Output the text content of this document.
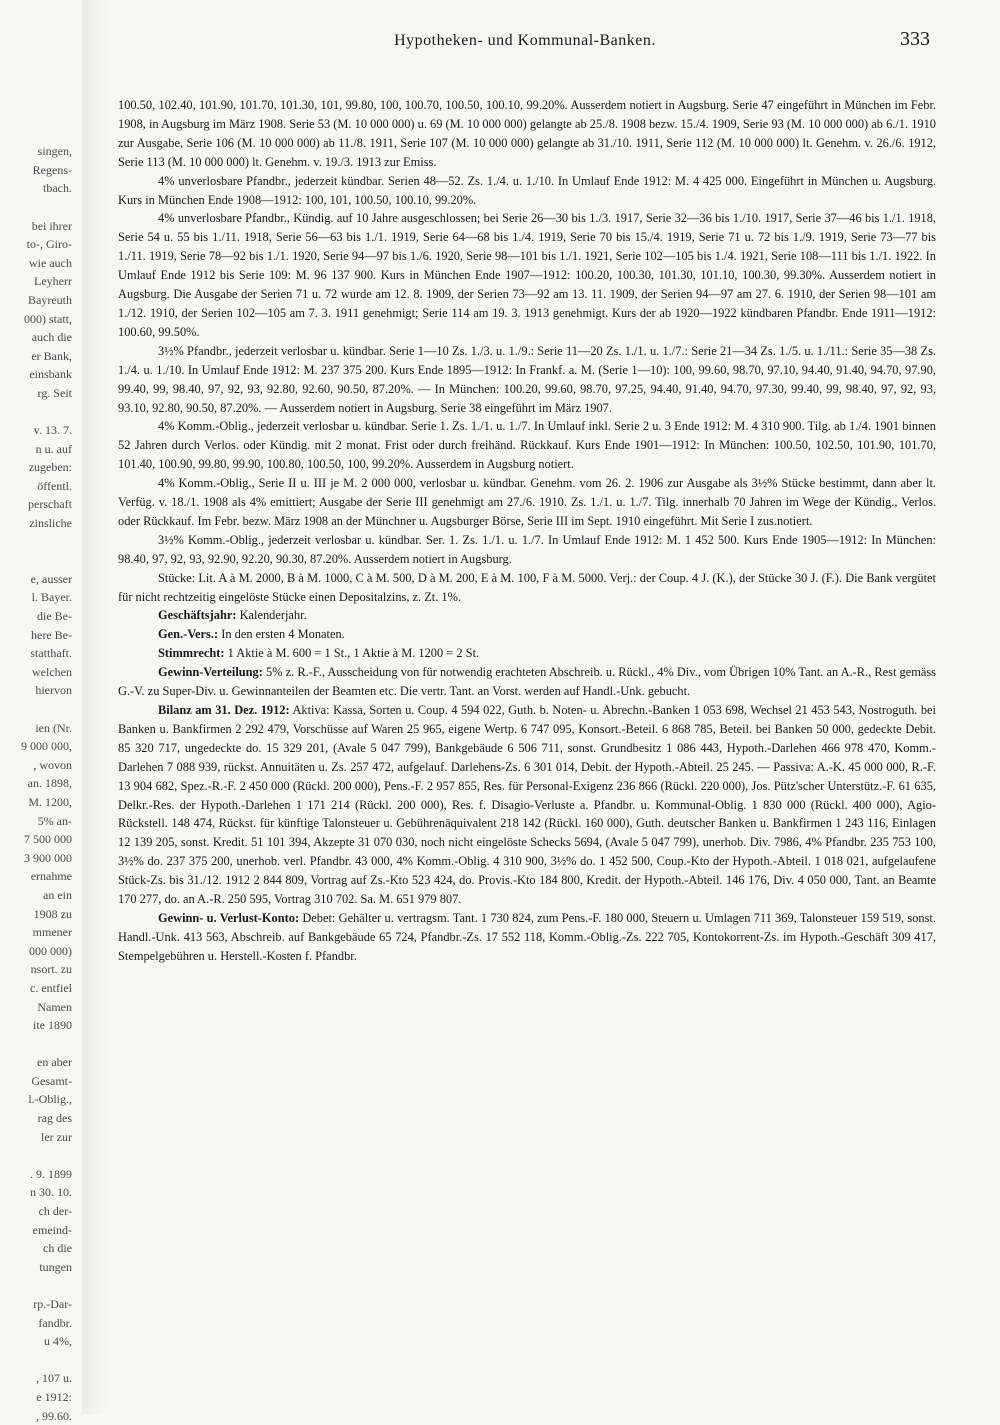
singen,
Regens-
tbach.
bei ihrer
to-, Giro-
wie auch
Leyherr
Bayreuth
000) statt,
auch die
er Bank,
einsbank
rg. Seit
v. 13. 7.
n u. auf
zugeben:
öffentl.
perschaft
zinsliche
e, ausser
l. Bayer.
die Be-
here Be-
statthaft.
welchen
hiervon
ien (Nr.
9 000 000,
, wovon
an. 1898,
M. 1200,
5% an-
7 500 000
3 900 000
ernahme
an ein
1908 zu
mmener
000 000)
nsort. zu
c. entfiel
Namen
ite 1890
en aber
Gesamt-
l.-Oblig.,
rag des
ler zur
. 9. 1899
n 30. 10.
ch der-
emeind-
ch die
tungen
rp.-Dar-
fandbr.
u 4%,
, 107 u.
e 1912:
, 99.60.
Hypotheken- und Kommunal-Banken.	333

100.50, 102.40, 101.90, 101.70, 101.30, 101, 99.80, 100, 100.70, 100.50, 100.10, 99.20%. Ausserdem notiert in Augsburg. Serie 47 eingeführt in München im Febr. 1908, in Augsburg im März 1908. Serie 53 (M. 10 000 000) u. 69 (M. 10 000 000) gelangte ab 25./8. 1908 bezw. 15./4. 1909, Serie 93 (M. 10 000 000) ab 6./1. 1910 zur Ausgabe, Serie 106 (M. 10 000 000) ab 11./8. 1911, Serie 107 (M. 10 000 000) gelangte ab 31./10. 1911, Serie 112 (M. 10 000 000) lt. Genehm. v. 26./6. 1912, Serie 113 (M. 10 000 000) lt. Genehm. v. 19./3. 1913 zur Emiss.

4% unverlosbare Pfandbr., jederzeit kündbar. Serien 48—52. Zs. 1./4. u. 1./10. In Umlauf Ende 1912: M. 4 425 000. Eingeführt in München u. Augsburg. Kurs in München Ende 1908—1912: 100, 101, 100.50, 100.10, 99.20%.

4% unverlosbare Pfandbr., Kündig. auf 10 Jahre ausgeschlossen; bei Serie 26—30 bis 1./3. 1917, Serie 32—36 bis 1./10. 1917, Serie 37—46 bis 1./1. 1918, Serie 54 u. 55 bis 1./11. 1918, Serie 56—63 bis 1./1. 1919, Serie 64—68 bis 1./4. 1919, Serie 70 bis 15./4. 1919, Serie 71 u. 72 bis 1./9. 1919, Serie 73—77 bis 1./11. 1919, Serie 78—92 bis 1./1. 1920, Serie 94—97 bis 1./6. 1920, Serie 98—101 bis 1./1. 1921, Serie 102—105 bis 1./4. 1921, Serie 108—111 bis 1./1. 1922. In Umlauf Ende 1912 bis Serie 109: M. 96 137 900. Kurs in München Ende 1907—1912: 100.20, 100.30, 101.30, 101.10, 100.30, 99.30%. Ausserdem notiert in Augsburg. Die Ausgabe der Serien 71 u. 72 wurde am 12. 8. 1909, der Serien 73—92 am 13. 11. 1909, der Serien 94—97 am 27. 6. 1910, der Serien 98—101 am 1./12. 1910, der Serien 102—105 am 7. 3. 1911 genehmigt; Serie 114 am 19. 3. 1913 genehmigt. Kurs der ab 1920—1922 kündbaren Pfandbr. Ende 1911—1912: 100.60, 99.50%.

3½% Pfandbr., jederzeit verlosbar u. kündbar. Serie 1—10 Zs. 1./3. u. 1./9.: Serie 11—20 Zs. 1./1. u. 1./7.: Serie 21—34 Zs. 1./5. u. 1./11.: Serie 35—38 Zs. 1./4. u. 1./10. In Umlauf Ende 1912: M. 237 375 200. Kurs Ende 1895—1912: In Frankf. a. M. (Serie 1—10): 100, 99.60, 98.70, 97.10, 94.40, 91.40, 94.70, 97.90, 99.40, 99, 98.40, 97, 92, 93, 92.80, 92.60, 90.50, 87.20%. — In München: 100.20, 99.60, 98.70, 97.25, 94.40, 91.40, 94.70, 97.30, 99.40, 99, 98.40, 97, 92, 93, 93.10, 92.80, 90.50, 87.20%. — Ausserdem notiert in Augsburg. Serie 38 eingeführt im März 1907.

4% Komm.-Oblig., jederzeit verlosbar u. kündbar. Serie 1. Zs. 1./1. u. 1./7. In Umlauf inkl. Serie 2 u. 3 Ende 1912: M. 4 310 900. Tilg. ab 1./4. 1901 binnen 52 Jahren durch Verlos. oder Kündig. mit 2 monat. Frist oder durch freihänd. Rückkauf. Kurs Ende 1901—1912: In München: 100.50, 102.50, 101.90, 101.70, 101.40, 100.90, 99.80, 99.90, 100.80, 100.50, 100, 99.20%. Ausserdem in Augsburg notiert.

4% Komm.-Oblig., Serie II u. III je M. 2 000 000, verlosbar u. kündbar. Genehm. vom 26. 2. 1906 zur Ausgabe als 3½% Stücke bestimmt, dann aber lt. Verfüg. v. 18./1. 1908 als 4% emittiert; Ausgabe der Serie III genehmigt am 27./6. 1910. Zs. 1./1. u. 1./7. Tilg. innerhalb 70 Jahren im Wege der Kündig., Verlos. oder Rückkauf. Im Febr. bezw. März 1908 an der Münchner u. Augsburger Börse, Serie III im Sept. 1910 eingeführt. Mit Serie I zus.notiert.

3½% Komm.-Oblig., jederzeit verlosbar u. kündbar. Ser. 1. Zs. 1./1. u. 1./7. In Umlauf Ende 1912: M. 1 452 500. Kurs Ende 1905—1912: In München: 98.40, 97, 92, 93, 92.90, 92.20, 90.30, 87.20%. Ausserdem notiert in Augsburg.

Stücke: Lit. A à M. 2000, B à M. 1000, C à M. 500, D à M. 200, E à M. 100, F à M. 5000. Verj.: der Coup. 4 J. (K.), der Stücke 30 J. (F.). Die Bank vergütet für nicht rechtzeitig eingelöste Stücke einen Depositalzins, z. Zt. 1%.

Geschäftsjahr: Kalenderjahr.

Gen.-Vers.: In den ersten 4 Monaten.

Stimmrecht: 1 Aktie à M. 600 = 1 St., 1 Aktie à M. 1200 = 2 St.

Gewinn-Verteilung: 5% z. R.-F., Ausscheidung von für notwendig erachteten Abschreib. u. Rückl., 4% Div., vom Übrigen 10% Tant. an A.-R., Rest gemäss G.-V. zu Super-Div. u. Gewinnanteilen der Beamten etc. Die vertr. Tant. an Vorst. werden auf Handl.-Unk. gebucht.

Bilanz am 31. Dez. 1912: Aktiva: Kassa, Sorten u. Coup. 4 594 022, Guth. b. Noten- u. Abrechn.-Banken 1 053 698, Wechsel 21 453 543, Nostroguth. bei Banken u. Bankfirmen 2 292 479, Vorschüsse auf Waren 25 965, eigene Wertp. 6 747 095, Konsort.-Beteil. 6 868 785, Beteil. bei Banken 50 000, gedeckte Debit. 85 320 717, ungedeckte do. 15 329 201, (Avale 5 047 799), Bankgebäude 6 506 711, sonst. Grundbesitz 1 086 443, Hypoth.-Darlehen 466 978 470, Komm.-Darlehen 7 088 939, rückst. Annuitäten u. Zs. 257 472, aufgelauf. Darlehens-Zs. 6 301 014, Debit. der Hypoth.-Abteil. 25 245. — Passiva: A.-K. 45 000 000, R.-F. 13 904 682, Spez.-R.-F. 2 450 000 (Rückl. 200 000), Pens.-F. 2 957 855, Res. für Personal-Exigenz 236 866 (Rückl. 220 000), Jos. Pütz'scher Unterstütz.-F. 61 635, Delkr.-Res. der Hypoth.-Darlehen 1 171 214 (Rückl. 200 000), Res. f. Disagio-Verluste a. Pfandbr. u. Kommunal-Oblig. 1 830 000 (Rückl. 400 000), Agio-Rückstell. 148 474, Rückst. für künftige Talonsteuer u. Gebührenäquivalent 218 142 (Rückl. 160 000), Guth. deutscher Banken u. Bankfirmen 1 243 116, Einlagen 12 139 205, sonst. Kredit. 51 101 394, Akzepte 31 070 030, noch nicht eingelöste Schecks 5694, (Avale 5 047 799), unerhob. Div. 7986, 4% Pfandbr. 235 753 100, 3½% do. 237 375 200, unerhob. verl. Pfandbr. 43 000, 4% Komm.-Oblig. 4 310 900, 3½% do. 1 452 500, Coup.-Kto der Hypoth.-Abteil. 1 018 021, aufgelaufene Stück-Zs. bis 31./12. 1912 2 844 809, Vortrag auf Zs.-Kto 523 424, do. Provis.-Kto 184 800, Kredit. der Hypoth.-Abteil. 146 176, Div. 4 050 000, Tant. an Beamte 170 277, do. an A.-R. 250 595, Vortrag 310 702. Sa. M. 651 979 807.

Gewinn- u. Verlust-Konto: Debet: Gehälter u. vertragsm. Tant. 1 730 824, zum Pens.-F. 180 000, Steuern u. Umlagen 711 369, Talonsteuer 159 519, sonst. Handl.-Unk. 413 563, Abschreib. auf Bankgebäude 65 724, Pfandbr.-Zs. 17 552 118, Komm.-Oblig.-Zs. 222 705, Kontokorrent-Zs. im Hypoth.-Geschäft 309 417, Stempelgebühren u. Herstell.-Kosten f. Pfandbr.
